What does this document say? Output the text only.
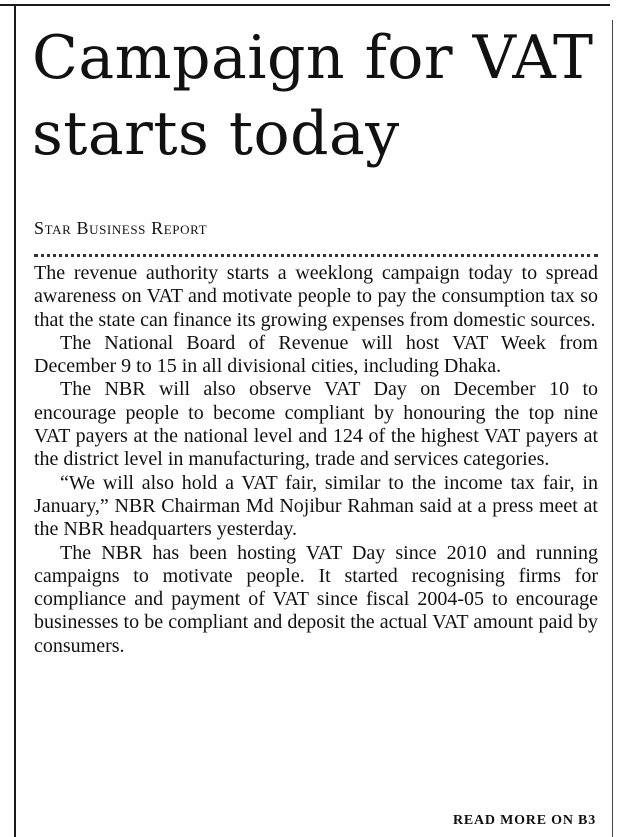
Campaign for VAT starts today
Star Business Report

The revenue authority starts a weeklong campaign today to spread awareness on VAT and motivate people to pay the consumption tax so that the state can finance its growing expenses from domestic sources.

The National Board of Revenue will host VAT Week from December 9 to 15 in all divisional cities, including Dhaka.

The NBR will also observe VAT Day on December 10 to encourage people to become compliant by honouring the top nine VAT payers at the national level and 124 of the highest VAT payers at the district level in manufacturing, trade and services categories.

“We will also hold a VAT fair, similar to the income tax fair, in January,” NBR Chairman Md Nojibur Rahman said at a press meet at the NBR headquarters yesterday.

The NBR has been hosting VAT Day since 2010 and running campaigns to motivate people. It started recognising firms for compliance and payment of VAT since fiscal 2004-05 to encourage businesses to be compliant and deposit the actual VAT amount paid by consumers.

READ MORE ON B3
